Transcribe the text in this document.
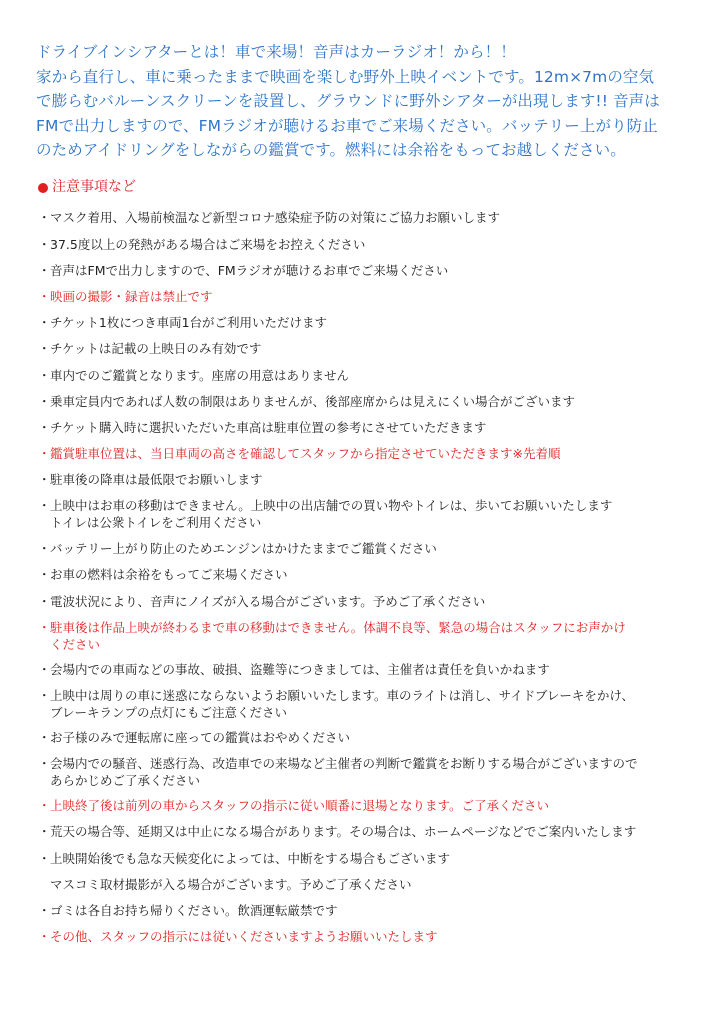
ドライブインシアターとは！車で来場！音声はカーラジオ！から！！
家から直行し、車に乗ったままで映画を楽しむ野外上映イベントです。12m×7mの空気
で膨らむバルーンスクリーンを設置し、グラウンドに野外シアターが出現します!! 音声は
FMで出力しますので、FMラジオが聴けるお車でご来場ください。バッテリー上がり防止
のためアイドリングをしながらの鑑賞です。燃料には余裕をもってお越しください。
注意事項など
・マスク着用、入場前検温など新型コロナ感染症予防の対策にご協力お願いします
・37.5度以上の発熱がある場合はご来場をお控えください
・音声はFMで出力しますので、FMラジオが聴けるお車でご来場ください
・映画の撮影・録音は禁止です
・チケット1枚につき車両1台がご利用いただけます
・チケットは記載の上映日のみ有効です
・車内でのご鑑賞となります。座席の用意はありません
・乗車定員内であれば人数の制限はありませんが、後部座席からは見えにくい場合がございます
・チケット購入時に選択いただいた車高は駐車位置の参考にさせていただきます
・鑑賞駐車位置は、当日車両の高さを確認してスタッフから指定させていただきます※先着順
・駐車後の降車は最低限でお願いします
・上映中はお車の移動はできません。上映中の出店舗での買い物やトイレは、歩いてお願いいたします
トイレは公衆トイレをご利用ください
・バッテリー上がり防止のためエンジンはかけたままでご鑑賞ください
・お車の燃料は余裕をもってご来場ください
・電波状況により、音声にノイズが入る場合がございます。予めご了承ください
・駐車後は作品上映が終わるまで車の移動はできません。体調不良等、緊急の場合はスタッフにお声かけ
ください
・会場内での車両などの事故、破損、盗難等につきましては、主催者は責任を負いかねます
・上映中は周りの車に迷惑にならないようお願いいたします。車のライトは消し、サイドブレーキをかけ、
ブレーキランプの点灯にもご注意ください
・お子様のみで運転席に座っての鑑賞はおやめください
・会場内での騒音、迷惑行為、改造車での来場など主催者の判断で鑑賞をお断りする場合がございますので
あらかじめご了承ください
・上映終了後は前列の車からスタッフの指示に従い順番に退場となります。ご了承ください
・荒天の場合等、延期又は中止になる場合があります。その場合は、ホームページなどでご案内いたします
・上映開始後でも急な天候変化によっては、中断をする場合もございます
マスコミ取材撮影が入る場合がございます。予めご了承ください
・ゴミは各自お持ち帰りください。飲酒運転厳禁です
・その他、スタッフの指示には従いくださいますようお願いいたします
